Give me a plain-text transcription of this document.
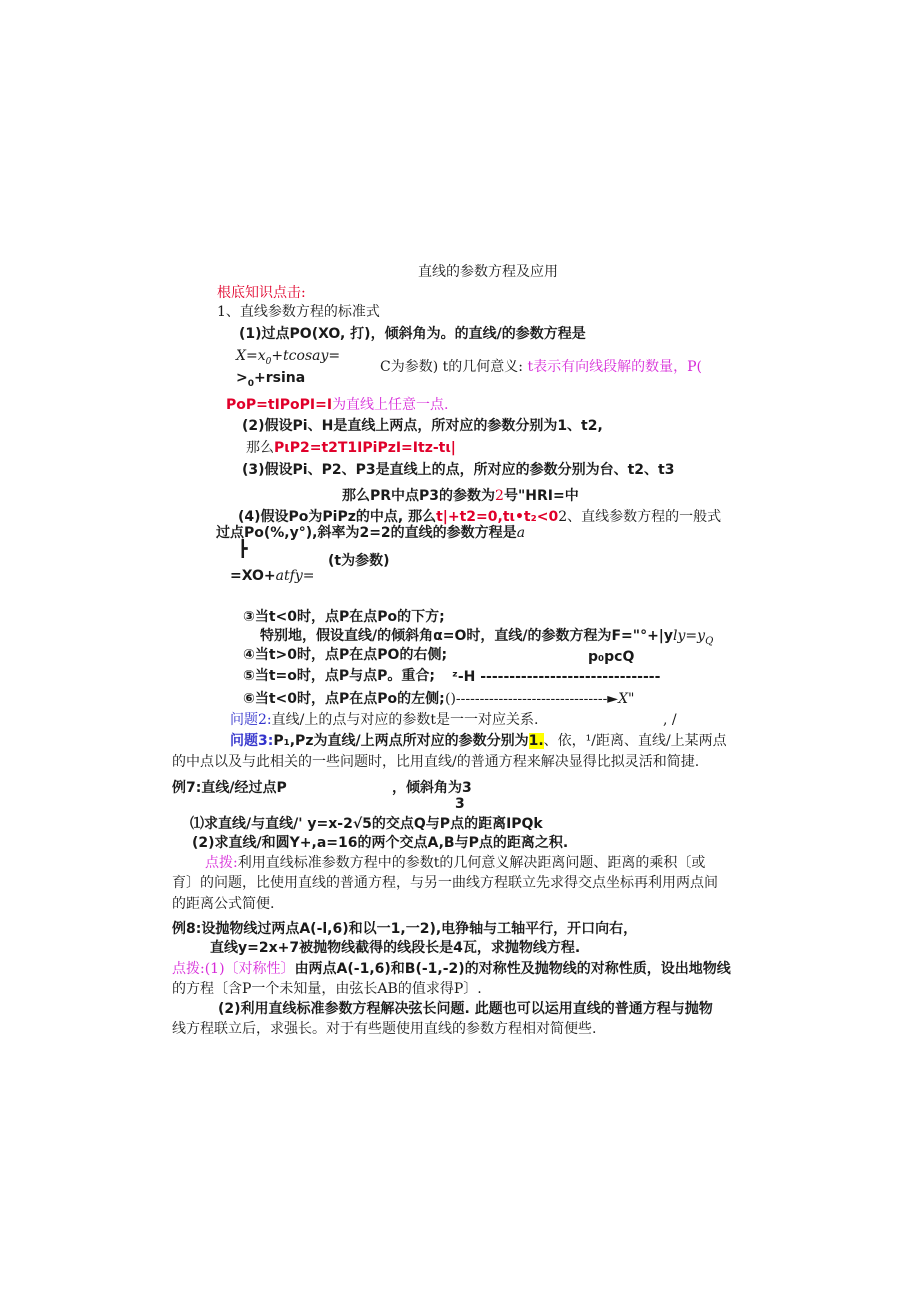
直线的参数方程及应用
根底知识点击:
1、直线参数方程的标准式
(1)过点PO(XO, 打)，倾斜角为。的直线/的参数方程是
$X=x_0+tcosay=$
$>_0+rsina$
C为参数) t的几何意义: t表示有向线段解的数量，P(
PoP=tIPoPI=I为直线上任意一点.
(2)假设Pi、H是直线上两点，所对应的参数分别为1、t2,
那么PιP2=t2T1IPiPzI=Itz-tι|
(3)假设Pi、P2、P3是直线上的点，所对应的参数分别为台、t2、t3
那么PR中点P3的参数为2号"HRI=中
(4)假设Po为PiPz的中点, 那么t|+t2=0,tι•t₂<02、直线参数方程的一般式
过点Po(%,y°),斜率为2=2的直线的参数方程是a
┣
(t为参数)
=XO+atfy=
③当t<0时，点P在点Po的下方;
特别地，假设直线/的倾斜角α=O时，直线/的参数方程为$F="^\circ+|yly=y_Q$
④当t>0时，点P在点PO的右侧;	p₀pcQ
⑤当t=o时，点P与点P。重合; ᶻ-H -------------------------------
⑥当t<0时，点P在点Po的左侧; ()--------------------------------►X"
问题2:直线/上的点与对应的参数t是一一对应关系.	, /
问题3:P₁,Pz为直线/上两点所对应的参数分别为1.、依，¹/距离、直线/上某两点
的中点以及与此相关的一些问题时，比用直线/的普通方程来解决显得比拟灵活和简捷.
例7:直线/经过点P	，倾斜角为3
3
⑴求直线/与直线/' y=x-2√5的交点Q与P点的距离IPQk
(2)求直线/和圆Y+,a=16的两个交点A,B与P点的距离之积.
点拨:利用直线标准参数方程中的参数t的几何意义解决距离问题、距离的乘积〔或
育〕的问题，比使用直线的普通方程，与另一曲线方程联立先求得交点坐标再利用两点间
的距离公式简便.
例8:设抛物线过两点A(-l,6)和以一1,一2),电狰轴与工轴平行，开口向右，
直线y=2x+7被抛物线截得的线段长是4瓦，求抛物线方程.
点拨:(1)〔对称性〕由两点A(-1,6)和B(-1,-2)的对称性及抛物线的对称性质，设出地物线
的方程〔含P一个未知量，由弦长AB的值求得P〕.
(2)利用直线标准参数方程解决弦长问题. 此题也可以运用直线的普通方程与抛物
线方程联立后，求强长。对于有些题使用直线的参数方程相对简便些.
